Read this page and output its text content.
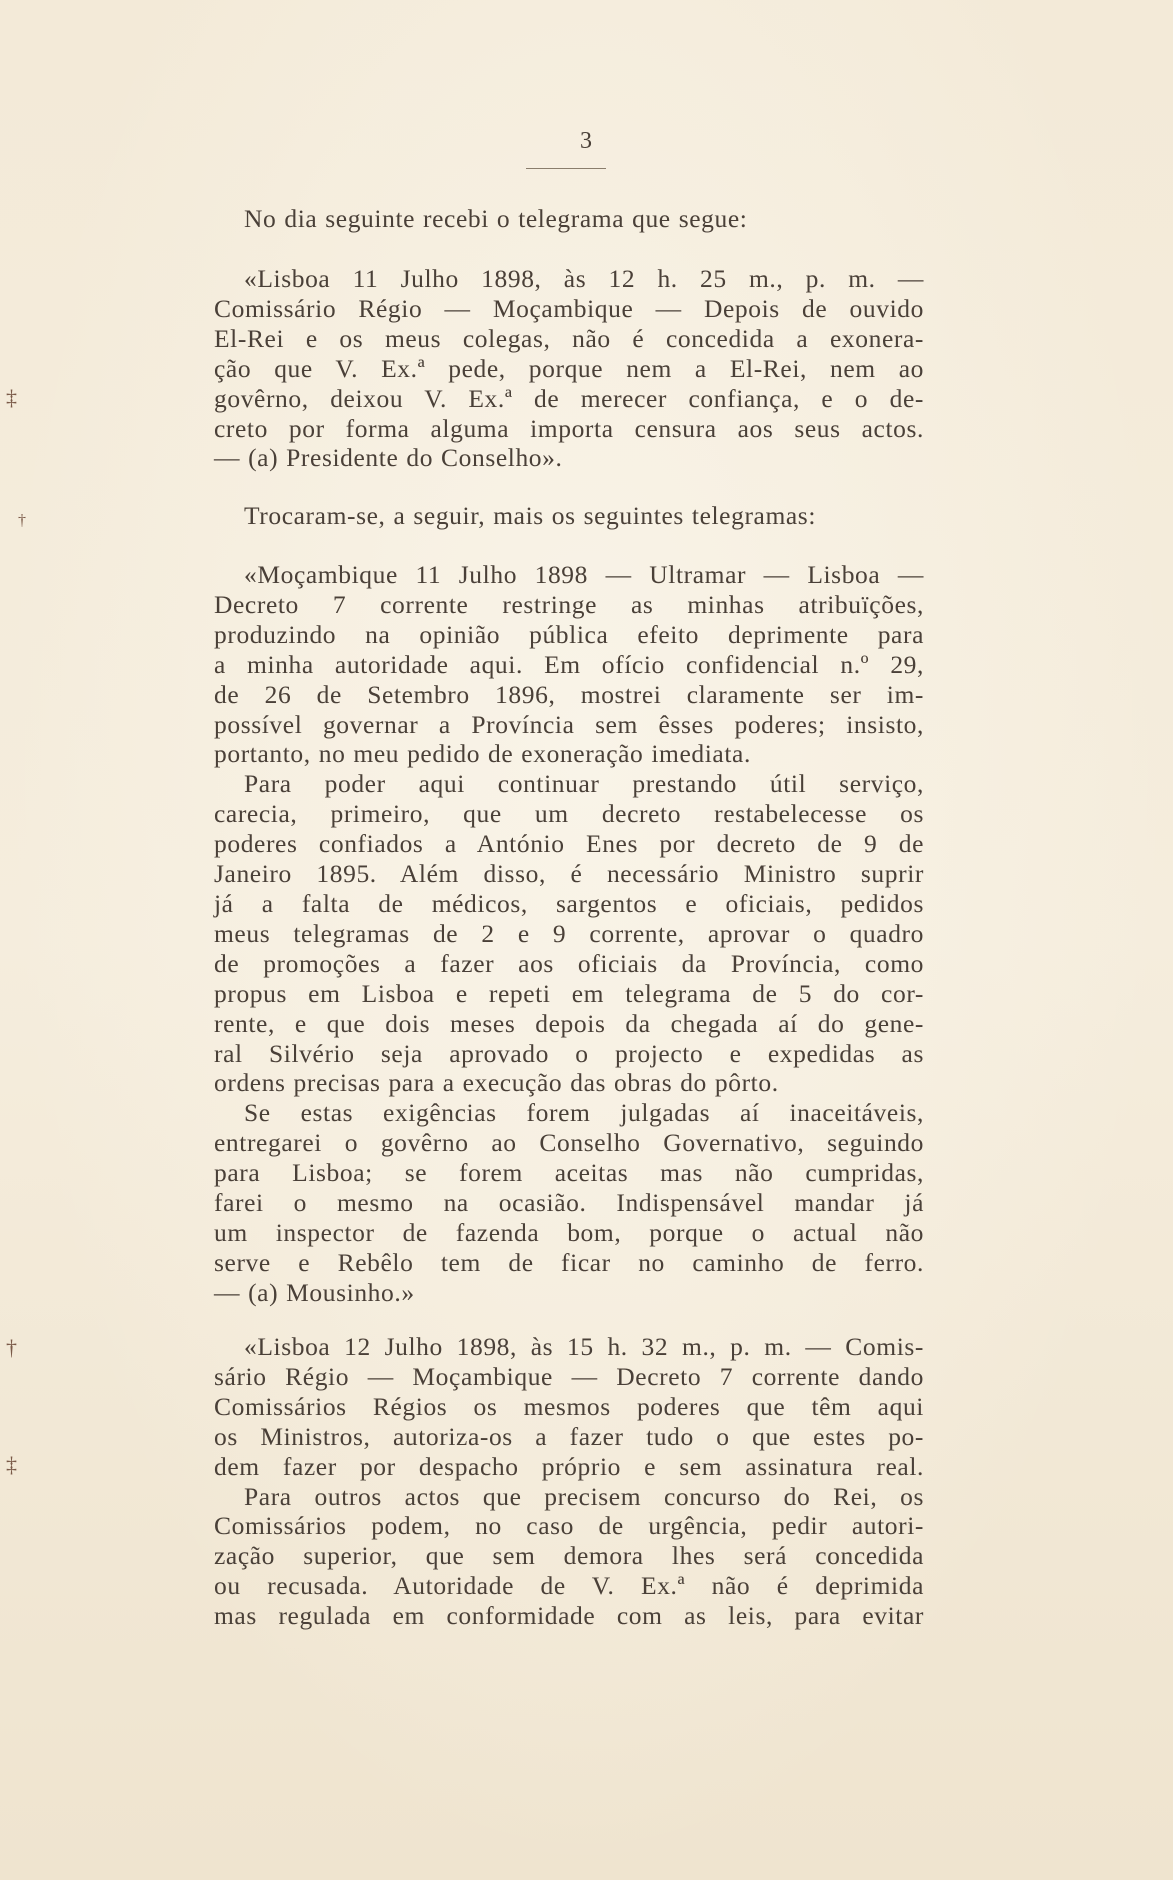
3
‡
†
†
‡

No dia seguinte recebi o telegrama que segue:

«Lisboa 11 Julho 1898, às 12 h. 25 m., p. m. —
Comissário Régio — Moçambique — Depois de ouvido
El-Rei e os meus colegas, não é concedida a exonera-
ção que V. Ex.ª pede, porque nem a El-Rei, nem ao
govêrno, deixou V. Ex.ª de merecer confiança, e o de-
creto por forma alguma importa censura aos seus actos.
— (a) Presidente do Conselho».

Trocaram-se, a seguir, mais os seguintes telegramas:

«Moçambique 11 Julho 1898 — Ultramar — Lisboa —
Decreto 7 corrente restringe as minhas atribuïções,
produzindo na opinião pública efeito deprimente para
a minha autoridade aqui. Em ofício confidencial n.º 29,
de 26 de Setembro 1896, mostrei claramente ser im-
possível governar a Província sem êsses poderes; insisto,
portanto, no meu pedido de exoneração imediata.
Para poder aqui continuar prestando útil serviço,
carecia, primeiro, que um decreto restabelecesse os
poderes confiados a António Enes por decreto de 9 de
Janeiro 1895. Além disso, é necessário Ministro suprir
já a falta de médicos, sargentos e oficiais, pedidos
meus telegramas de 2 e 9 corrente, aprovar o quadro
de promoções a fazer aos oficiais da Província, como
propus em Lisboa e repeti em telegrama de 5 do cor-
rente, e que dois meses depois da chegada aí do gene-
ral Silvério seja aprovado o projecto e expedidas as
ordens precisas para a execução das obras do pôrto.
Se estas exigências forem julgadas aí inaceitáveis,
entregarei o govêrno ao Conselho Governativo, seguindo
para Lisboa; se forem aceitas mas não cumpridas,
farei o mesmo na ocasião. Indispensável mandar já
um inspector de fazenda bom, porque o actual não
serve e Rebêlo tem de ficar no caminho de ferro.
— (a) Mousinho.»
«Lisboa 12 Julho 1898, às 15 h. 32 m., p. m. — Comis-
sário Régio — Moçambique — Decreto 7 corrente dando
Comissários Régios os mesmos poderes que têm aqui
os Ministros, autoriza-os a fazer tudo o que estes po-
dem fazer por despacho próprio e sem assinatura real.
Para outros actos que precisem concurso do Rei, os
Comissários podem, no caso de urgência, pedir autori-
zação superior, que sem demora lhes será concedida
ou recusada. Autoridade de V. Ex.ª não é deprimida
mas regulada em conformidade com as leis, para evitar
